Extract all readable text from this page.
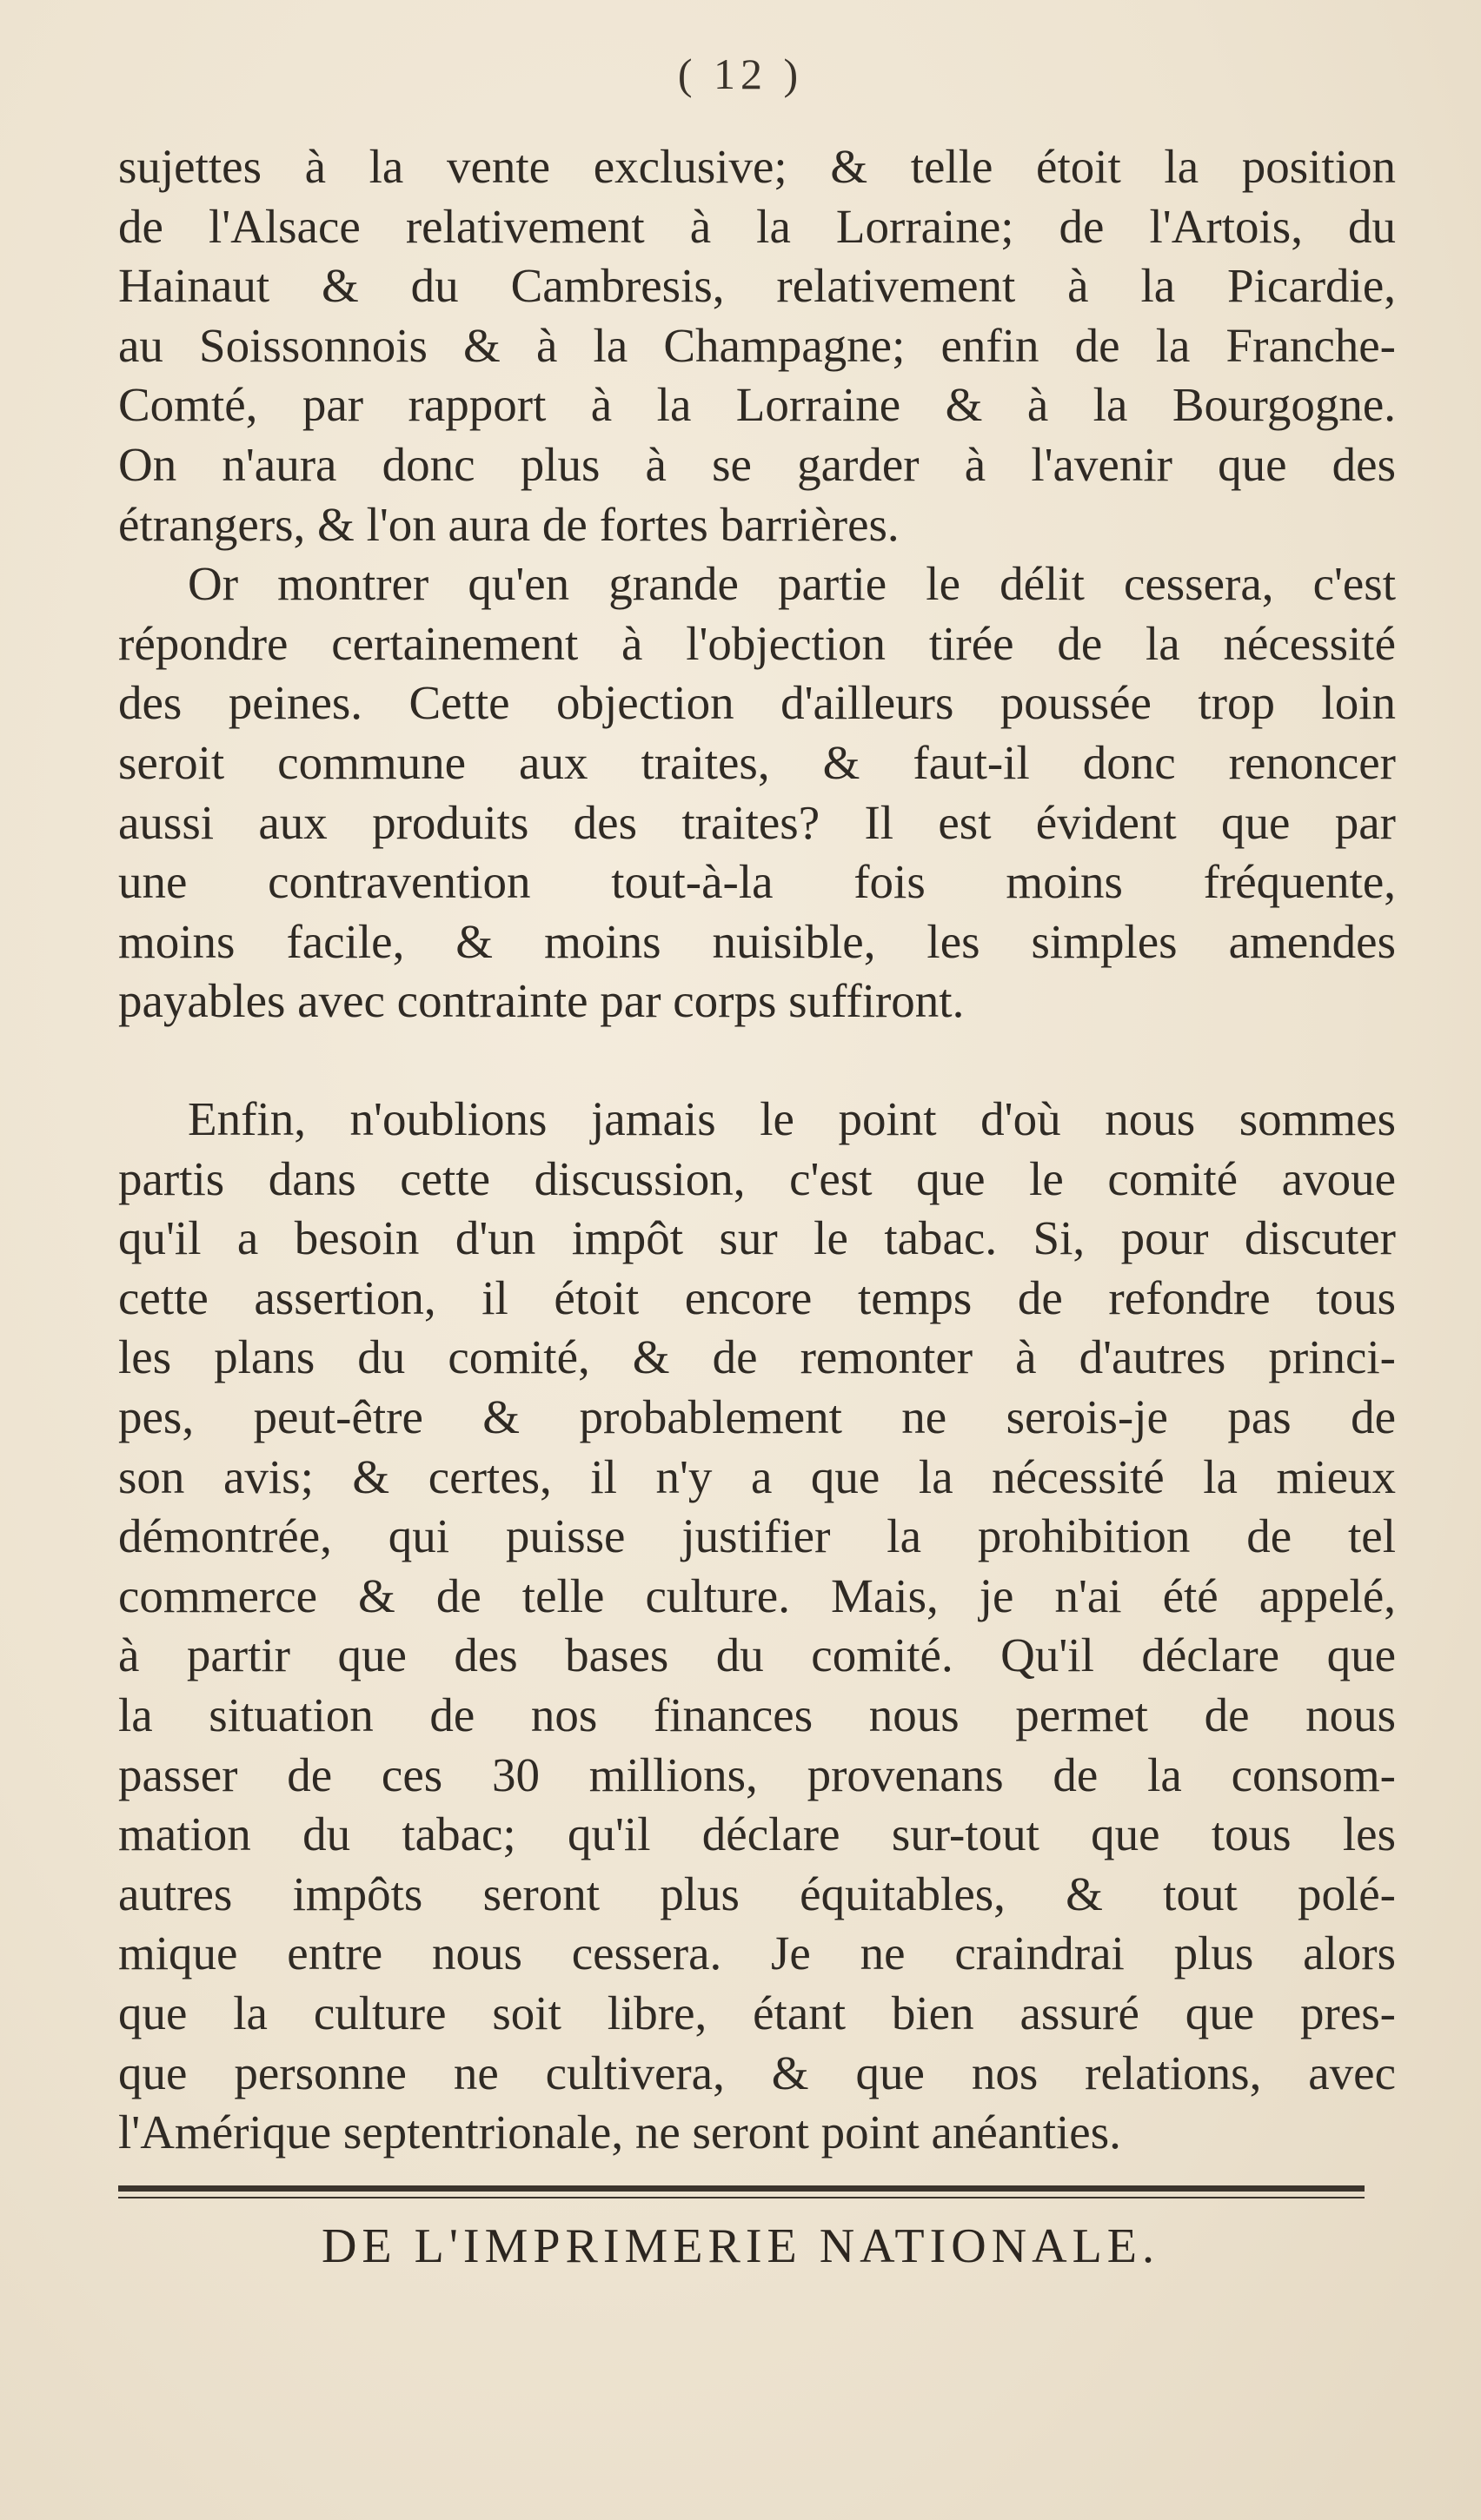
( 12 )
sujettes à la vente exclusive; & telle étoit la position
de l'Alsace relativement à la Lorraine; de l'Artois, du
Hainaut & du Cambresis, relativement à la Picardie,
au Soissonnois & à la Champagne; enfin de la Franche-
Comté, par rapport à la Lorraine & à la Bourgogne.
On n'aura donc plus à se garder à l'avenir que des
étrangers, & l'on aura de fortes barrières.
Or montrer qu'en grande partie le délit cessera, c'est
répondre certainement à l'objection tirée de la nécessité
des peines. Cette objection d'ailleurs poussée trop loin
seroit commune aux traites, & faut-il donc renoncer
aussi aux produits des traites? Il est évident que par
une contravention tout-à-la fois moins fréquente,
moins facile, & moins nuisible, les simples amendes
payables avec contrainte par corps suffiront.
Enfin, n'oublions jamais le point d'où nous sommes
partis dans cette discussion, c'est que le comité avoue
qu'il a besoin d'un impôt sur le tabac. Si, pour discuter
cette assertion, il étoit encore temps de refondre tous
les plans du comité, & de remonter à d'autres princi-
pes, peut-être & probablement ne serois-je pas de
son avis; & certes, il n'y a que la nécessité la mieux
démontrée, qui puisse justifier la prohibition de tel
commerce & de telle culture. Mais, je n'ai été appelé,
à partir que des bases du comité. Qu'il déclare que
la situation de nos finances nous permet de nous
passer de ces 30 millions, provenans de la consom-
mation du tabac; qu'il déclare sur-tout que tous les
autres impôts seront plus équitables, & tout polé-
mique entre nous cessera. Je ne craindrai plus alors
que la culture soit libre, étant bien assuré que pres-
que personne ne cultivera, & que nos relations, avec
l'Amérique septentrionale, ne seront point anéanties.
DE L'IMPRIMERIE NATIONALE.
